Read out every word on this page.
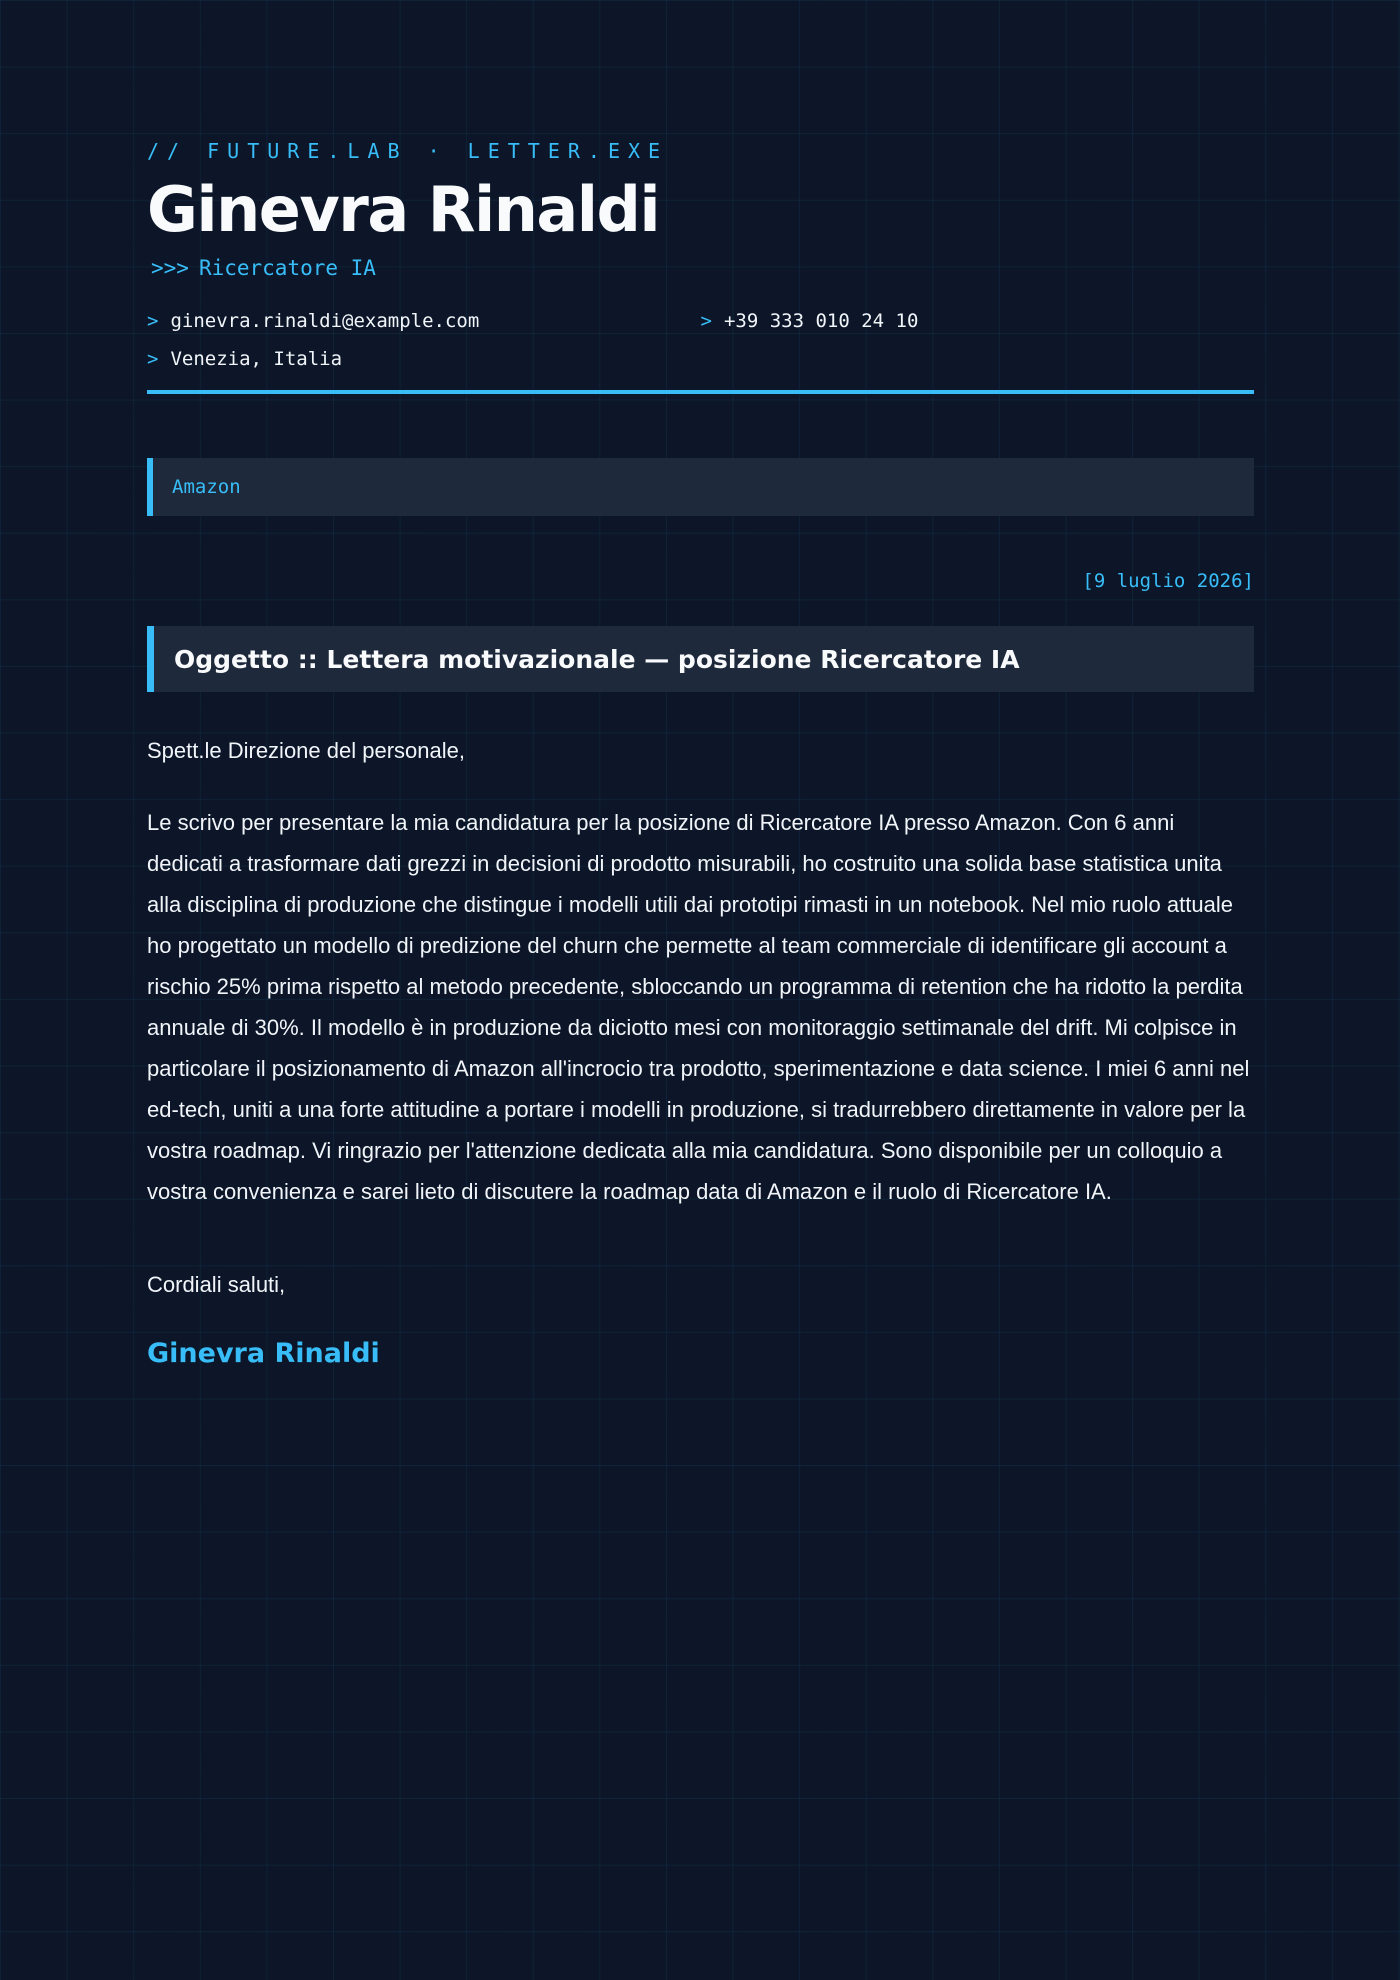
// FUTURE.LAB · LETTER.EXE

Ginevra Rinaldi
>>> Ricercatore IA
> ginevra.rinaldi@example.com	> +39 333 010 24 10
> Venezia, Italia
Amazon
[9 luglio 2026]
Oggetto :: Lettera motivazionale — posizione Ricercatore IA

Spett.le Direzione del personale,

Le scrivo per presentare la mia candidatura per la posizione di Ricercatore IA presso Amazon. Con 6 anni dedicati a trasformare dati grezzi in decisioni di prodotto misurabili, ho costruito una solida base statistica unita alla disciplina di produzione che distingue i modelli utili dai prototipi rimasti in un notebook. Nel mio ruolo attuale ho progettato un modello di predizione del churn che permette al team commerciale di identificare gli account a rischio 25% prima rispetto al metodo precedente, sbloccando un programma di retention che ha ridotto la perdita annuale di 30%. Il modello è in produzione da diciotto mesi con monitoraggio settimanale del drift. Mi colpisce in particolare il posizionamento di Amazon all'incrocio tra prodotto, sperimentazione e data science. I miei 6 anni nel ed-tech, uniti a una forte attitudine a portare i modelli in produzione, si tradurrebbero direttamente in valore per la vostra roadmap. Vi ringrazio per l'attenzione dedicata alla mia candidatura. Sono disponibile per un colloquio a vostra convenienza e sarei lieto di discutere la roadmap data di Amazon e il ruolo di Ricercatore IA.

Cordiali saluti,

Ginevra Rinaldi
